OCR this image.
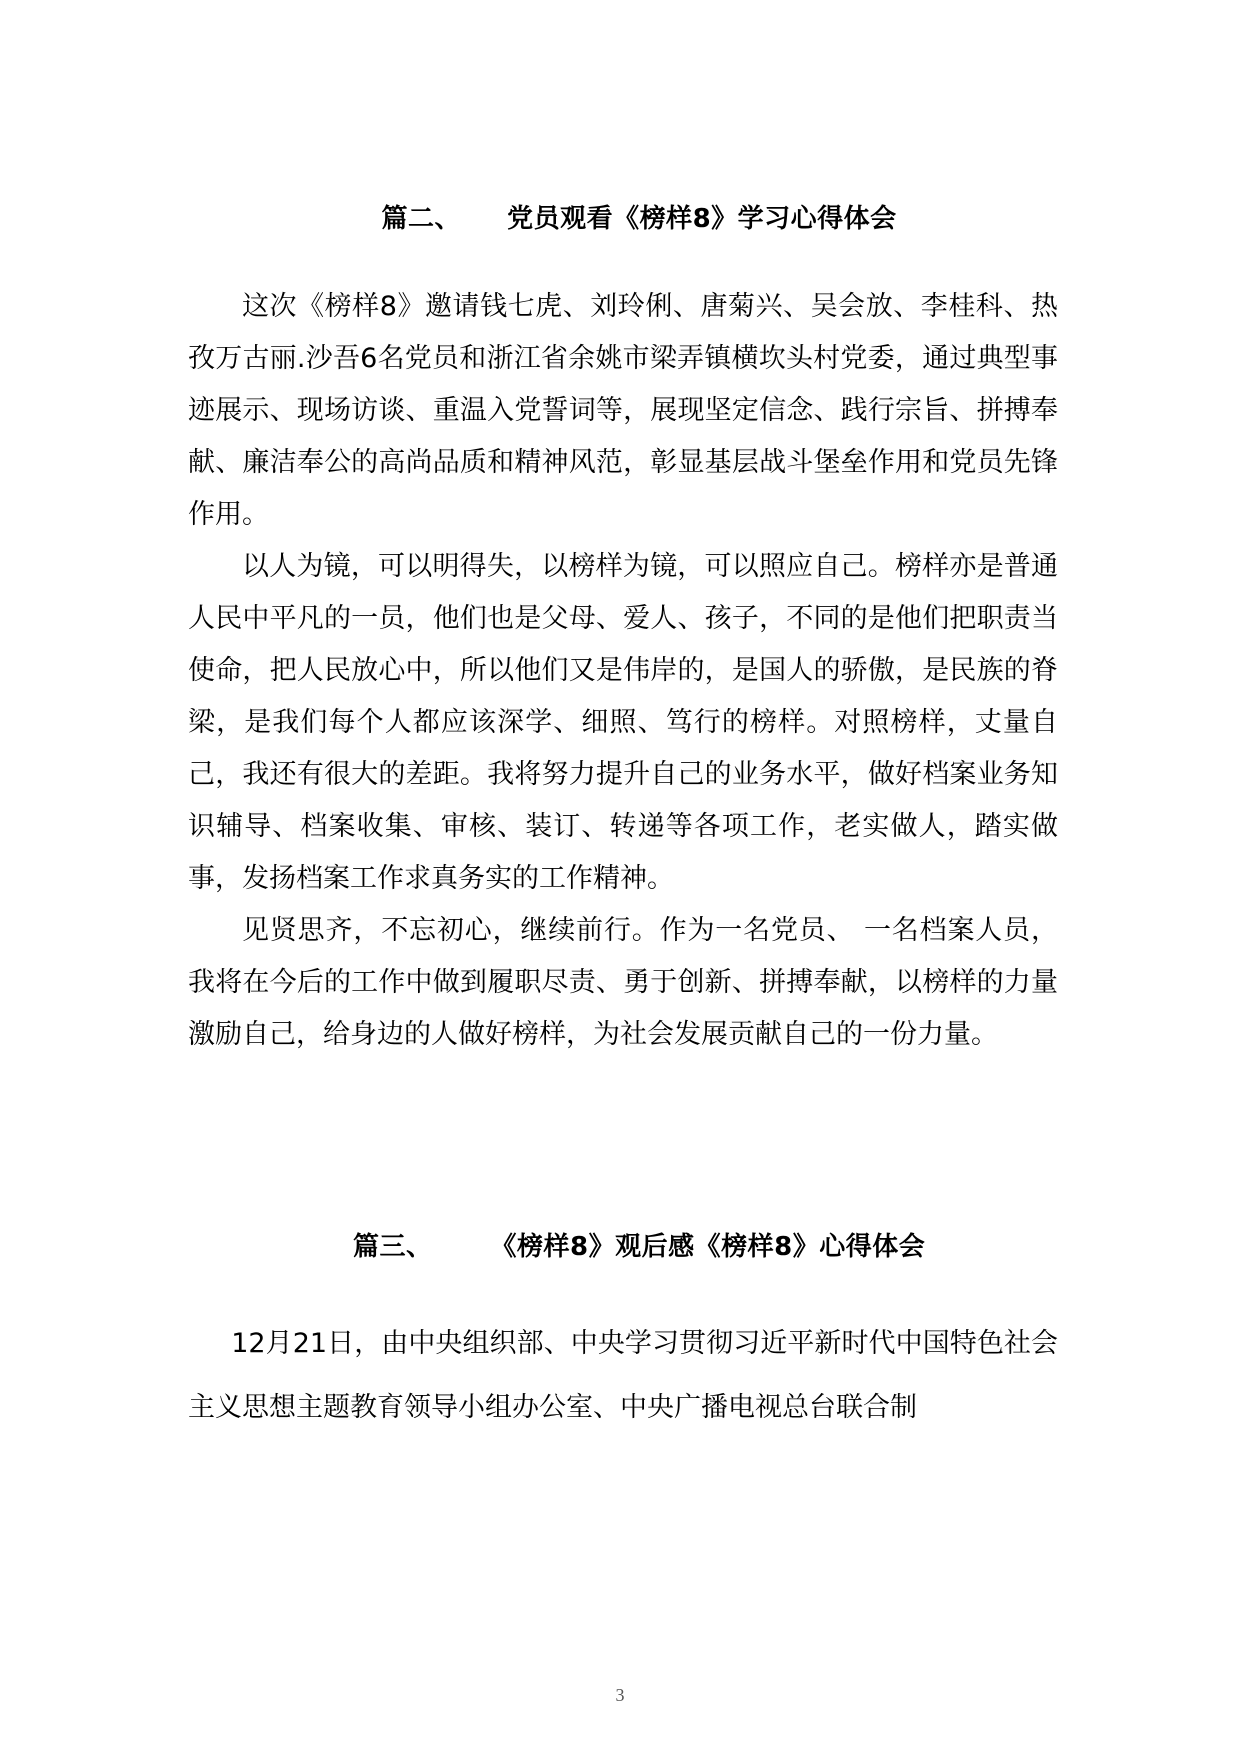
篇二、 党员观看《榜样8》学习心得体会

这次《榜样8》邀请钱七虎、刘玲俐、唐菊兴、吴会放、李桂科、热孜万古丽.沙吾6名党员和浙江省余姚市梁弄镇横坎头村党委，通过典型事迹展示、现场访谈、重温入党誓词等，展现坚定信念、践行宗旨、拼搏奉献、廉洁奉公的高尚品质和精神风范，彰显基层战斗堡垒作用和党员先锋作用。

以人为镜，可以明得失，以榜样为镜，可以照应自己。榜样亦是普通人民中平凡的一员，他们也是父母、爱人、孩子，不同的是他们把职责当使命，把人民放心中，所以他们又是伟岸的，是国人的骄傲，是民族的脊梁，是我们每个人都应该深学、细照、笃行的榜样。对照榜样，丈量自己，我还有很大的差距。我将努力提升自己的业务水平，做好档案业务知识辅导、档案收集、审核、装订、转递等各项工作，老实做人，踏实做事，发扬档案工作求真务实的工作精神。

见贤思齐，不忘初心，继续前行。作为一名党员、 一名档案人员，我将在今后的工作中做到履职尽责、勇于创新、拼搏奉献，以榜样的力量激励自己，给身边的人做好榜样，为社会发展贡献自己的一份力量。

篇三、 《榜样8》观后感《榜样8》心得体会

12月21日，由中央组织部、中央学习贯彻习近平新时代中国特色社会主义思想主题教育领导小组办公室、中央广播电视总台联合制

3
